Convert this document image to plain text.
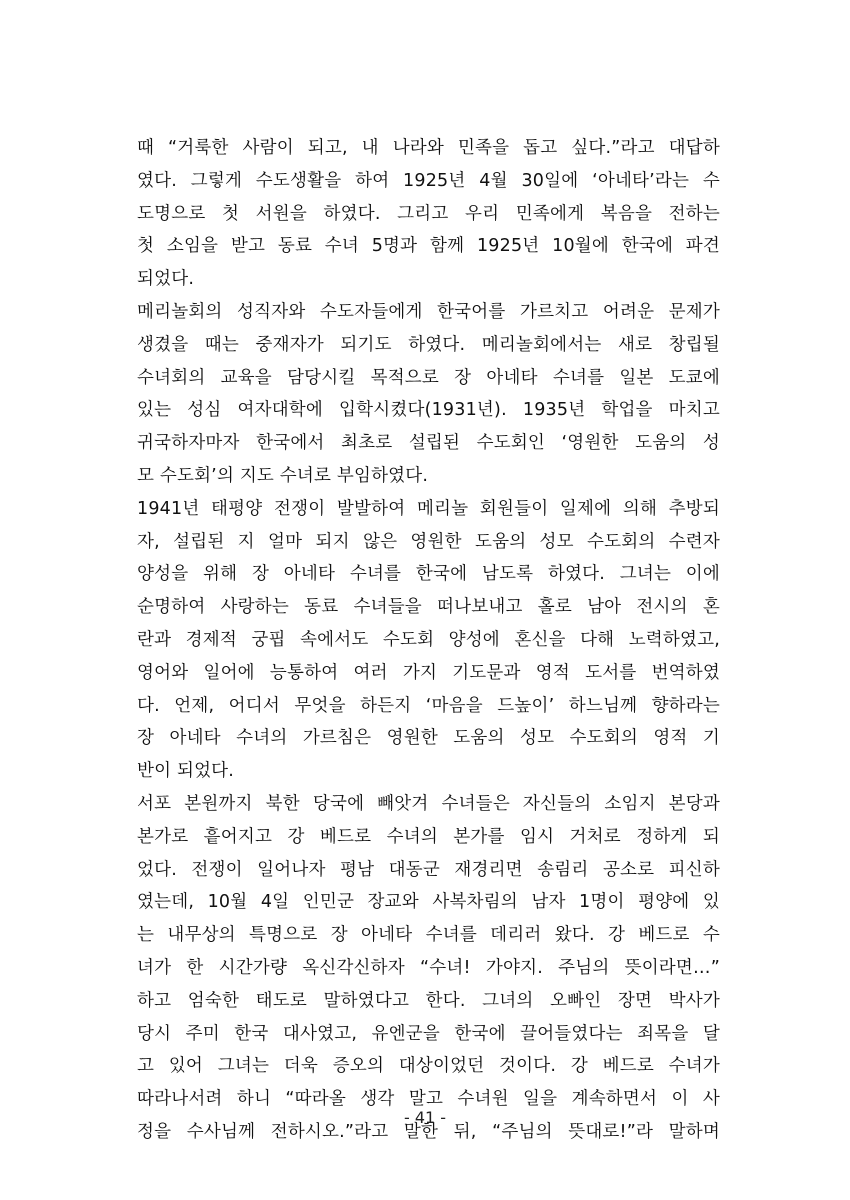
때 “거룩한 사람이 되고, 내 나라와 민족을 돕고 싶다.”라고 대답하
였다. 그렇게 수도생활을 하여 1925년 4월 30일에 ‘아네타’라는 수
도명으로 첫 서원을 하였다. 그리고 우리 민족에게 복음을 전하는
첫 소임을 받고 동료 수녀 5명과 함께 1925년 10월에 한국에 파견
되었다.
메리놀회의 성직자와 수도자들에게 한국어를 가르치고 어려운 문제가
생겼을 때는 중재자가 되기도 하였다. 메리놀회에서는 새로 창립될
수녀회의 교육을 담당시킬 목적으로 장 아네타 수녀를 일본 도쿄에
있는 성심 여자대학에 입학시켰다(1931년). 1935년 학업을 마치고
귀국하자마자 한국에서 최초로 설립된 수도회인 ‘영원한 도움의 성
모 수도회’의 지도 수녀로 부임하였다.
1941년 태평양 전쟁이 발발하여 메리놀 회원들이 일제에 의해 추방되
자, 설립된 지 얼마 되지 않은 영원한 도움의 성모 수도회의 수련자
양성을 위해 장 아네타 수녀를 한국에 남도록 하였다. 그녀는 이에
순명하여 사랑하는 동료 수녀들을 떠나보내고 홀로 남아 전시의 혼
란과 경제적 궁핍 속에서도 수도회 양성에 혼신을 다해 노력하였고,
영어와 일어에 능통하여 여러 가지 기도문과 영적 도서를 번역하였
다. 언제, 어디서 무엇을 하든지 ‘마음을 드높이’ 하느님께 향하라는
장 아네타 수녀의 가르침은 영원한 도움의 성모 수도회의 영적 기
반이 되었다.
서포 본원까지 북한 당국에 빼앗겨 수녀들은 자신들의 소임지 본당과
본가로 흩어지고 강 베드로 수녀의 본가를 임시 거처로 정하게 되
었다. 전쟁이 일어나자 평남 대동군 재경리면 송림리 공소로 피신하
였는데, 10월 4일 인민군 장교와 사복차림의 남자 1명이 평양에 있
는 내무상의 특명으로 장 아네타 수녀를 데리러 왔다. 강 베드로 수
녀가 한 시간가량 옥신각신하자 “수녀! 가야지. 주님의 뜻이라면…”
하고 엄숙한 태도로 말하였다고 한다. 그녀의 오빠인 장면 박사가
당시 주미 한국 대사였고, 유엔군을 한국에 끌어들였다는 죄목을 달
고 있어 그녀는 더욱 증오의 대상이었던 것이다. 강 베드로 수녀가
따라나서려 하니 “따라올 생각 말고 수녀원 일을 계속하면서 이 사
정을 수사님께 전하시오.”라고 말한 뒤, “주님의 뜻대로!”라 말하며
- 41 -
